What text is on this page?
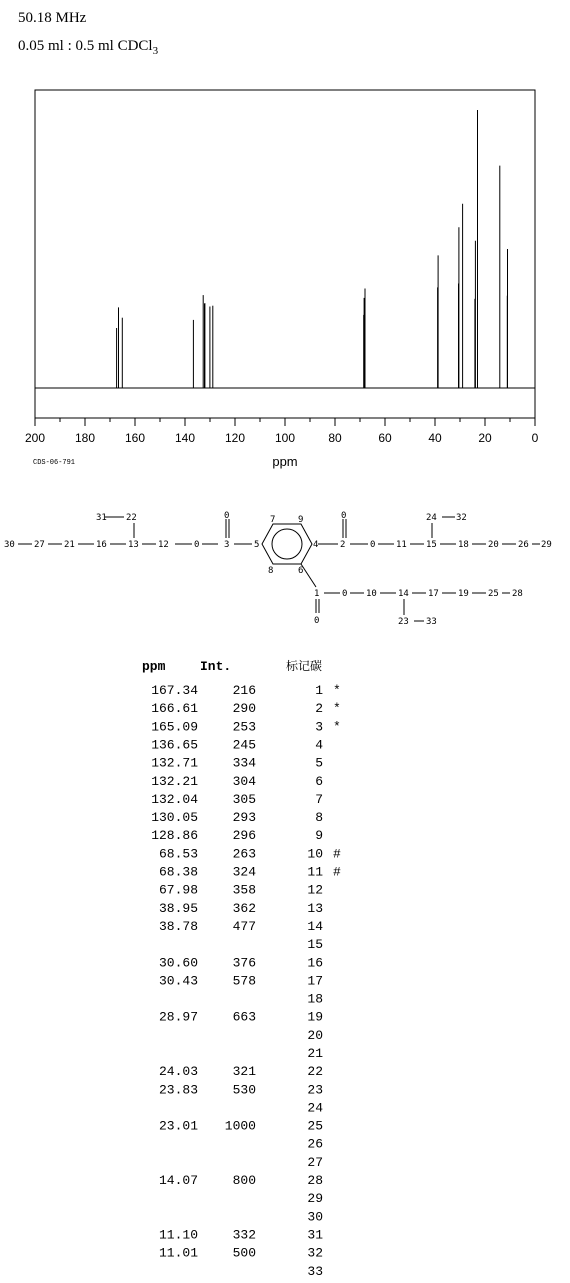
50.18 MHz
0.05 ml : 0.5 ml CDCl$_3$
200 180 160 140 120 100	80	60	40	20	0
CDS-06-791	ppm
31 22
30 27 21 16 13 12	0	3
0	7	9
5	4
8	6
2
0
0 11 15
24 32
18 20 26 29
1
0
0 10 14 17 19 25 28
23 33
ppm	Int.	标记碳
167.34	216	1 *
166.61	290	2 *
165.09	253	3 *
136.65	245	4
132.71	334	5
132.21	304	6
132.04	305	7
130.05	293	8
128.86	296	9
68.53	263	10 #
68.38	324	11 #
67.98	358	12
38.95	362	13
38.78	477	14
15
30.60	376	16
30.43	578	17
18
28.97	663	19
20
21
24.03	321	22
23.83	530	23
24
23.01 1000	25
26
27
14.07	800	28
29
30
11.10	332	31
11.01	500	32
33
